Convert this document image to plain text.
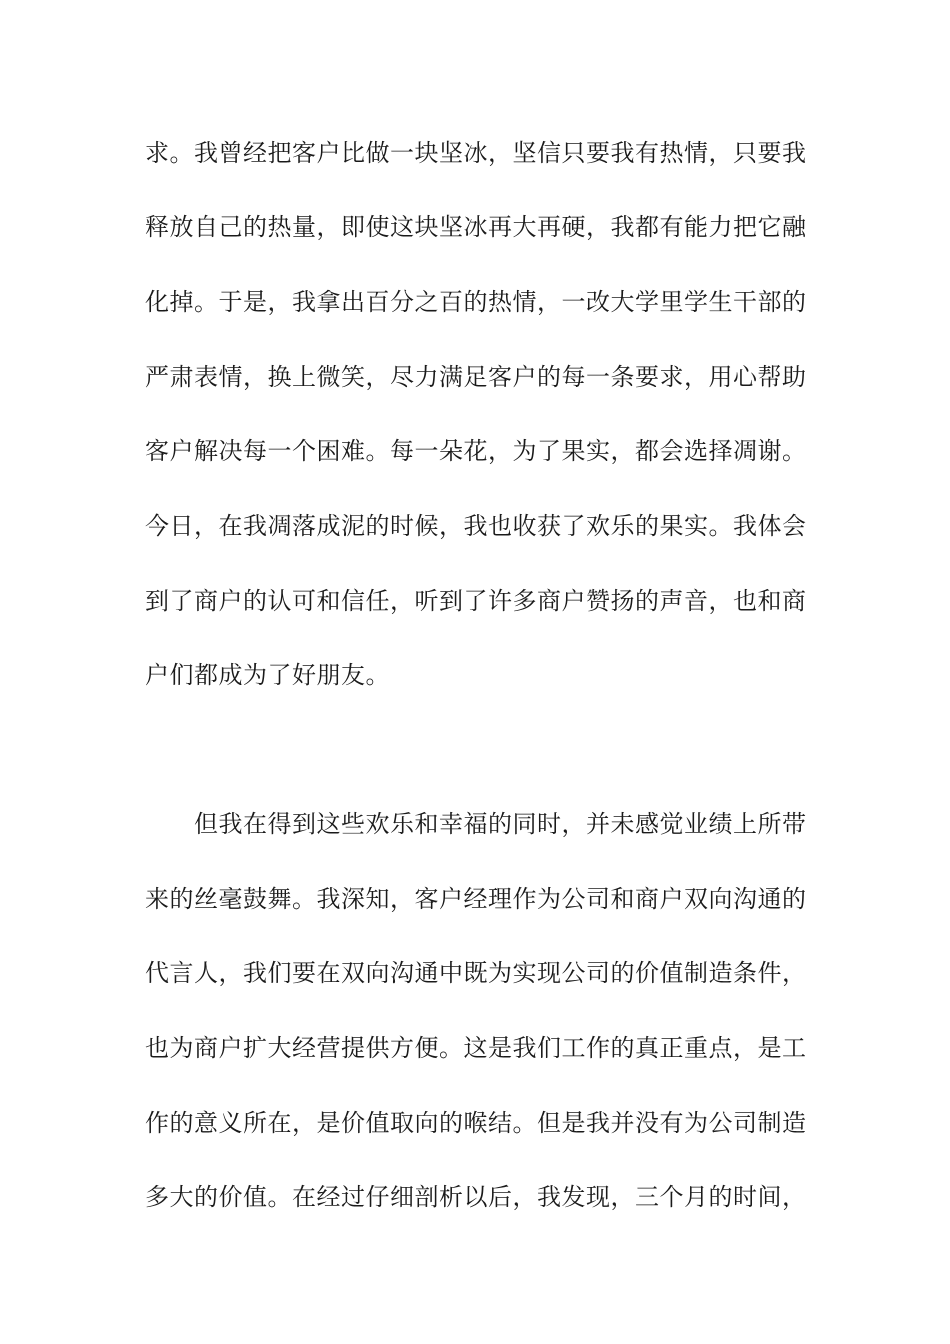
求。我曾经把客户比做一块坚冰，坚信只要我有热情，只要我
释放自己的热量，即使这块坚冰再大再硬，我都有能力把它融
化掉。于是，我拿出百分之百的热情，一改大学里学生干部的
严肃表情，换上微笑，尽力满足客户的每一条要求，用心帮助
客户解决每一个困难。每一朵花，为了果实，都会选择凋谢。
今日，在我凋落成泥的时候，我也收获了欢乐的果实。我体会
到了商户的认可和信任，听到了许多商户赞扬的声音，也和商
户们都成为了好朋友。
但我在得到这些欢乐和幸福的同时，并未感觉业绩上所带
来的丝毫鼓舞。我深知，客户经理作为公司和商户双向沟通的
代言人，我们要在双向沟通中既为实现公司的价值制造条件，
也为商户扩大经营提供方便。这是我们工作的真正重点，是工
作的意义所在，是价值取向的喉结。但是我并没有为公司制造
多大的价值。在经过仔细剖析以后，我发现，三个月的时间，
